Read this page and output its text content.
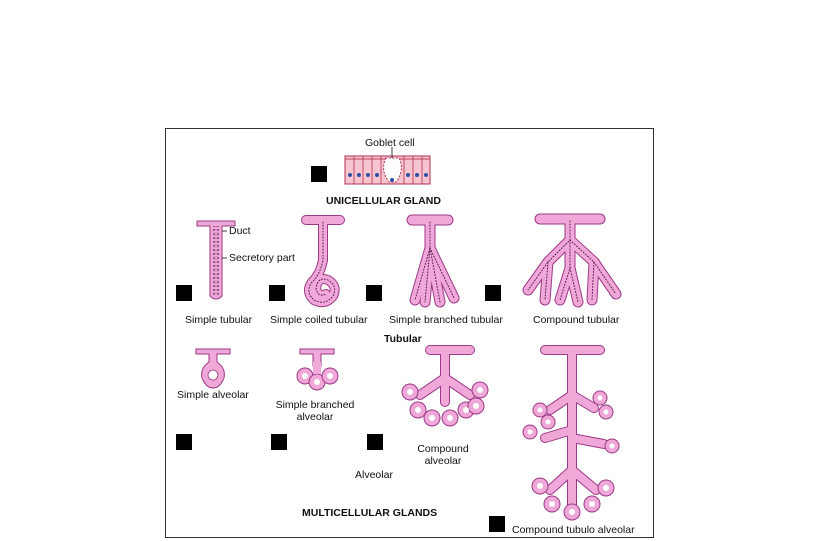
Goblet cell
UNICELLULAR GLAND
Duct
Secretory part
Simple tubular Simple coiled tubular Simple branched tubular	Compound tubular
Tubular
Simple alveolar
Simple branched
alveolar
Compound
alveolar
Alveolar
MULTICELLULAR GLANDS
Compound tubulo alveolar
